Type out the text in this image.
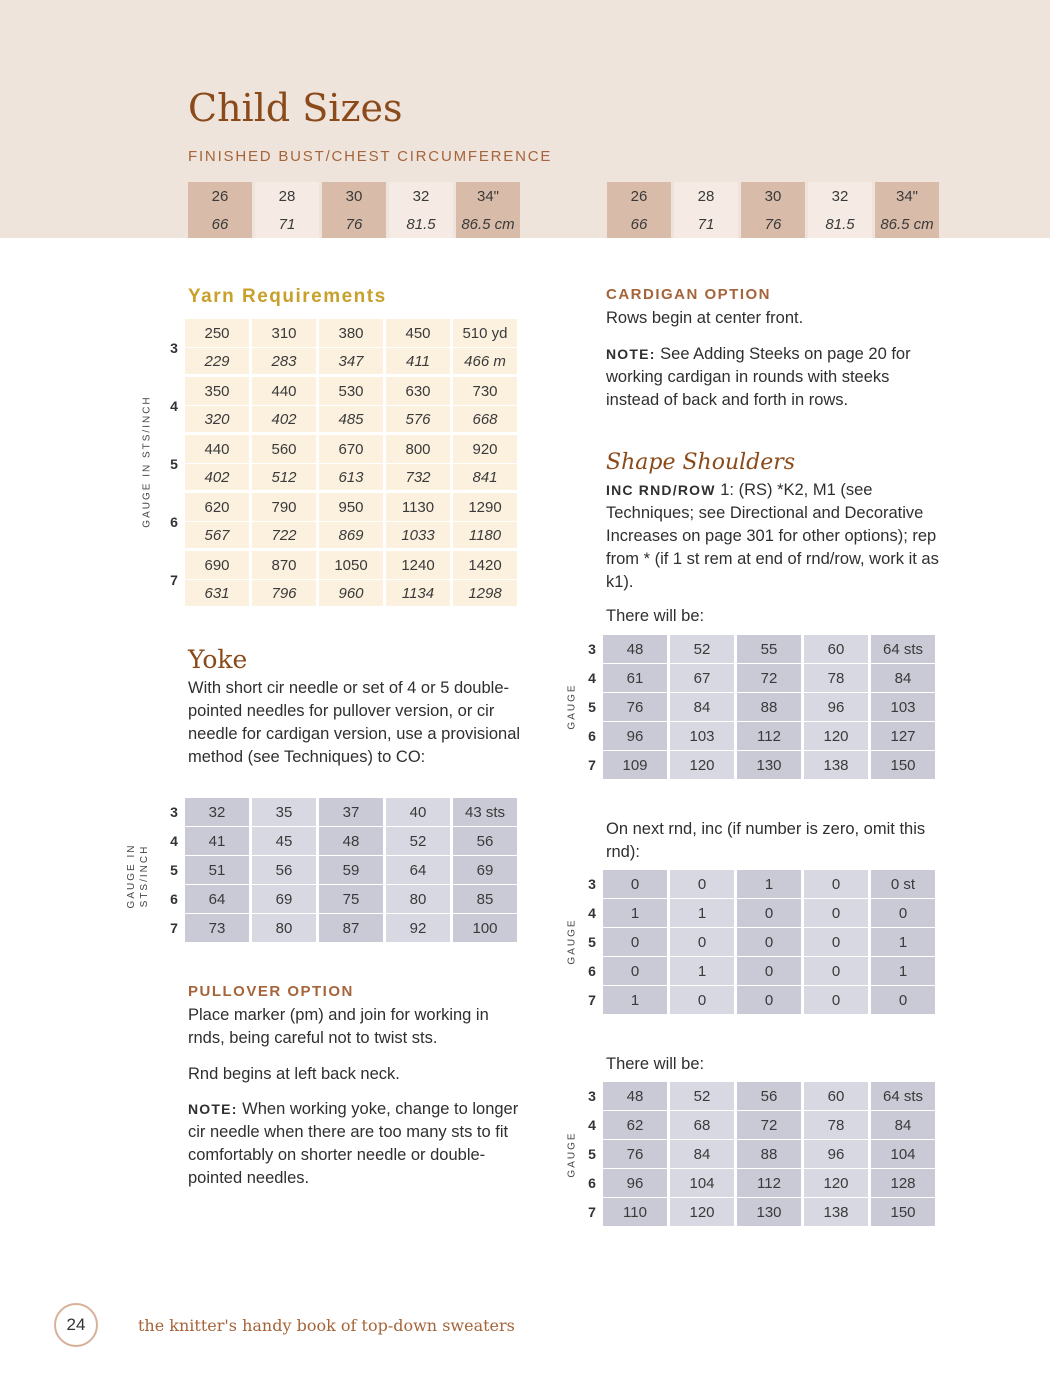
Child Sizes
FINISHED BUST/CHEST CIRCUMFERENCE
26	28	30	32	34"
66	71	76	81.5	86.5 cm
26	28	30	32	34"
66	71	76	81.5	86.5 cm
Yarn Requirements
GAUGE IN STS/INCH
3	250	310	380	450	510 yd
	229	283	347	411	466 m
4	350	440	530	630	730
	320	402	485	576	668
5	440	560	670	800	920
	402	512	613	732	841
6	620	790	950	1130	1290
	567	722	869	1033	1180
7	690	870	1050	1240	1420
	631	796	960	1134	1298
Yoke
With short cir needle or set of 4 or 5 double-pointed needles for pullover version, or cir needle for cardigan version, use a provisional method (see Techniques) to CO:
GAUGE IN STS/INCH
3	32	35	37	40	43 sts
4	41	45	48	52	56
5	51	56	59	64	69
6	64	69	75	80	85
7	73	80	87	92	100
PULLOVER OPTION
Place marker (pm) and join for working in rnds, being careful not to twist sts.
Rnd begins at left back neck.
NOTE: When working yoke, change to longer cir needle when there are too many sts to fit comfortably on shorter needle or double-pointed needles.
CARDIGAN OPTION
Rows begin at center front.
NOTE: See Adding Steeks on page 20 for working cardigan in rounds with steeks instead of back and forth in rows.
Shape Shoulders
INC RND/ROW 1: (RS) *K2, M1 (see Techniques; see Directional and Decorative Increases on page 301 for other options); rep from * (if 1 st rem at end of rnd/row, work it as k1).
There will be:
GAUGE
3	48	52	55	60	64 sts
4	61	67	72	78	84
5	76	84	88	96	103
6	96	103	112	120	127
7	109	120	130	138	150
On next rnd, inc (if number is zero, omit this rnd):
GAUGE
3	0	0	1	0	0 st
4	1	1	0	0	0
5	0	0	0	0	1
6	0	1	0	0	1
7	1	0	0	0	0
There will be:
GAUGE
3	48	52	56	60	64 sts
4	62	68	72	78	84
5	76	84	88	96	104
6	96	104	112	120	128
7	110	120	130	138	150
24	the knitter's handy book of top-down sweaters
